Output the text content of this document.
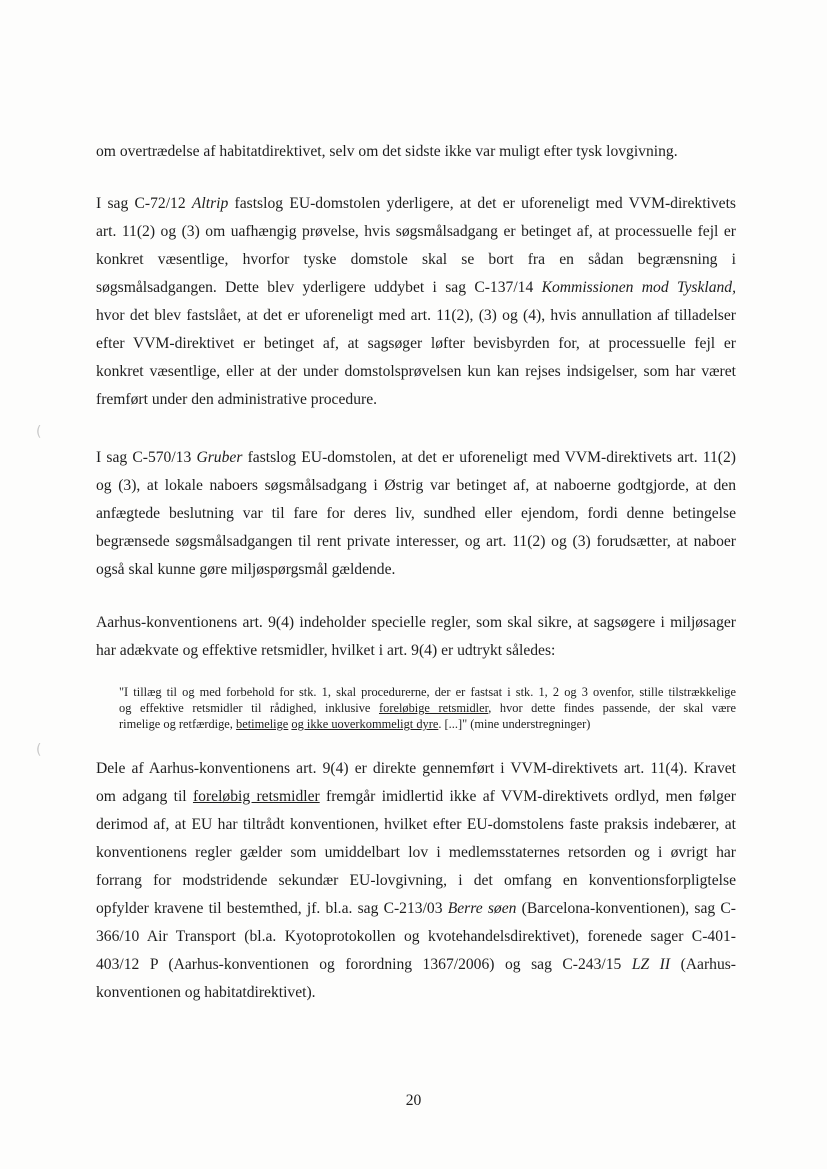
om overtrædelse af habitatdirektivet, selv om det sidste ikke var muligt efter tysk lovgivning.
I sag C-72/12 Altrip fastslog EU-domstolen yderligere, at det er uforeneligt med VVM-direktivets
art. 11(2) og (3) om uafhængig prøvelse, hvis søgsmålsadgang er betinget af, at processuelle fejl er
konkret væsentlige, hvorfor tyske domstole skal se bort fra en sådan begrænsning i
søgsmålsadgangen. Dette blev yderligere uddybet i sag C-137/14 Kommissionen mod Tyskland,
hvor det blev fastslået, at det er uforeneligt med art. 11(2), (3) og (4), hvis annullation af tilladelser
efter VVM-direktivet er betinget af, at sagsøger løfter bevisbyrden for, at processuelle fejl er
konkret væsentlige, eller at der under domstolsprøvelsen kun kan rejses indsigelser, som har været
fremført under den administrative procedure.
I sag C-570/13 Gruber fastslog EU-domstolen, at det er uforeneligt med VVM-direktivets art. 11(2)
og (3), at lokale naboers søgsmålsadgang i Østrig var betinget af, at naboerne godtgjorde, at den
anfægtede beslutning var til fare for deres liv, sundhed eller ejendom, fordi denne betingelse
begrænsede søgsmålsadgangen til rent private interesser, og art. 11(2) og (3) forudsætter, at naboer
også skal kunne gøre miljøspørgsmål gældende.
Aarhus-konventionens art. 9(4) indeholder specielle regler, som skal sikre, at sagsøgere i miljøsager
har adækvate og effektive retsmidler, hvilket i art. 9(4) er udtrykt således:
"I tillæg til og med forbehold for stk. 1, skal procedurerne, der er fastsat i stk. 1, 2 og 3 ovenfor, stille tilstrækkelige
og effektive retsmidler til rådighed, inklusive foreløbige retsmidler, hvor dette findes passende, der skal være
rimelige og retfærdige, betimelige og ikke uoverkommeligt dyre. [...]" (mine understregninger)
Dele af Aarhus-konventionens art. 9(4) er direkte gennemført i VVM-direktivets art. 11(4). Kravet
om adgang til foreløbig retsmidler fremgår imidlertid ikke af VVM-direktivets ordlyd, men følger
derimod af, at EU har tiltrådt konventionen, hvilket efter EU-domstolens faste praksis indebærer, at
konventionens regler gælder som umiddelbart lov i medlemsstaternes retsorden og i øvrigt har
forrang for modstridende sekundær EU-lovgivning, i det omfang en konventionsforpligtelse
opfylder kravene til bestemthed, jf. bl.a. sag C-213/03 Berre søen (Barcelona-konventionen), sag C-
366/10 Air Transport (bl.a. Kyotoprotokollen og kvotehandelsdirektivet), forenede sager C-401-
403/12 P (Aarhus-konventionen og forordning 1367/2006) og sag C-243/15 LZ II (Aarhus-
konventionen og habitatdirektivet).
20
(
(
